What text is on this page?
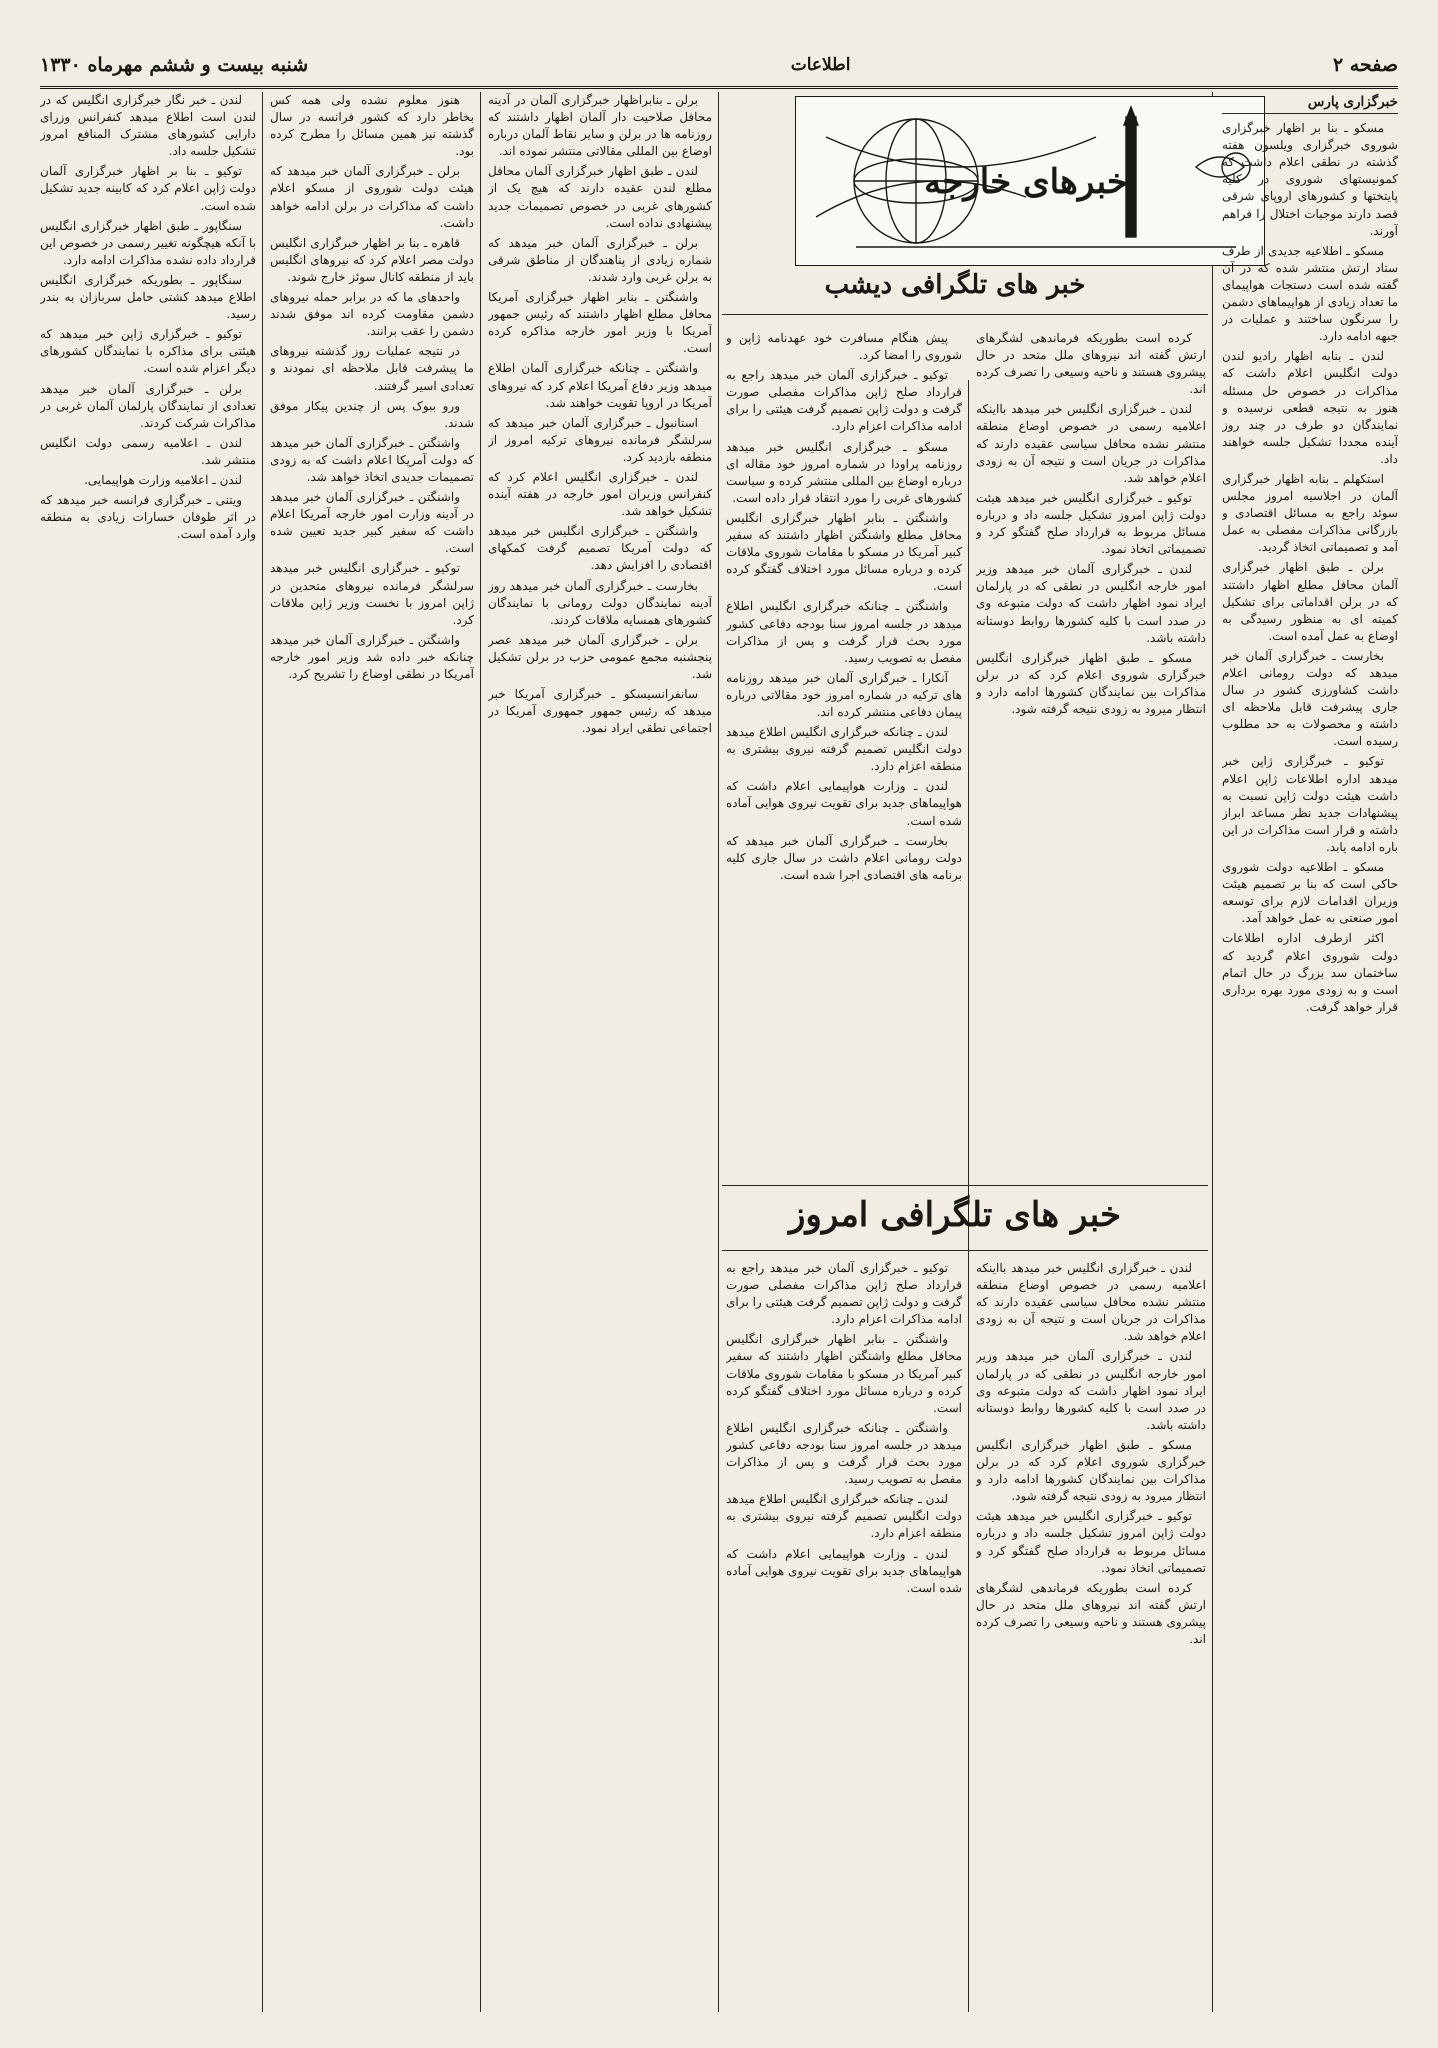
صفحه ۲
اطلاعات
شنبه بیست و ششم مهرماه ۱۳۳۰
خبرهای خارجه
خبر های تلگرافی دیشب
خبرگزاری پارس

مسکو ـ بنا بر اظهار خبرگزاری شوروی خبرگزاری ویلسون هفته گذشته در نطقی اعلام داشت که کمونیستهای شوروی در کلیه پایتختها و کشورهای اروپای شرقی قصد دارند موجبات اختلال را فراهم آورند.

مسکو ـ اطلاعیه جدیدی از طرف ستاد ارتش منتشر شده که در آن گفته شده است دستجات هواپیمای ما تعداد زیادی از هواپیماهای دشمن را سرنگون ساختند و عملیات در جبهه ادامه دارد.

لندن ـ بنابه اظهار رادیو لندن دولت انگلیس اعلام داشت که مذاکرات در خصوص حل مسئله هنوز به نتیجه قطعی نرسیده و نمایندگان دو طرف در چند روز آینده مجددا تشکیل جلسه خواهند داد.

استکهلم ـ بنابه اظهار خبرگزاری آلمان در اجلاسیه امروز مجلس سوئد راجع به مسائل اقتصادی و بازرگانی مذاکرات مفصلی به عمل آمد و تصمیماتی اتخاذ گردید.

برلن ـ طبق اظهار خبرگزاری آلمان محافل مطلع اظهار داشتند که در برلن اقداماتی برای تشکیل کمیته ای به منظور رسیدگی به اوضاع به عمل آمده است.

بخارست ـ خبرگزاری آلمان خبر میدهد که دولت رومانی اعلام داشت کشاورزی کشور در سال جاری پیشرفت قابل ملاحظه ای داشته و محصولات به حد مطلوب رسیده است.

توکیو ـ خبرگزاری ژاپن خبر میدهد اداره اطلاعات ژاپن اعلام داشت هیئت دولت ژاپن نسبت به پیشنهادات جدید نظر مساعد ابراز داشته و قرار است مذاکرات در این باره ادامه یابد.

مسکو ـ اطلاعیه دولت شوروی حاکی است که بنا بر تصمیم هیئت وزیران اقدامات لازم برای توسعه امور صنعتی به عمل خواهد آمد.

اکثر ازطرف اداره اطلاعات دولت شوروی اعلام گردید که ساختمان سد بزرگ در حال اتمام است و به زودی مورد بهره برداری قرار خواهد گرفت.

کرده است بطوریکه فرماندهی لشگرهای ارتش گفته اند نیروهای ملل متحد در حال پیشروی هستند و ناحیه وسیعی را تصرف کرده اند.

لندن ـ خبرگزاری انگلیس خبر میدهد بااینکه اعلامیه رسمی در خصوص اوضاع منطقه منتشر نشده محافل سیاسی عقیده دارند که مذاکرات در جریان است و نتیجه آن به زودی اعلام خواهد شد.

توکیو ـ خبرگزاری انگلیس خبر میدهد هیئت دولت ژاپن امروز تشکیل جلسه داد و درباره مسائل مربوط به قرارداد صلح گفتگو کرد و تصمیماتی اتخاذ نمود.

لندن ـ خبرگزاری آلمان خبر میدهد وزیر امور خارجه انگلیس در نطقی که در پارلمان ایراد نمود اظهار داشت که دولت متبوعه وی در صدد است با کلیه کشورها روابط دوستانه داشته باشد.

مسکو ـ طبق اظهار خبرگزاری انگلیس خبرگزاری شوروی اعلام کرد که در برلن مذاکرات بین نمایندگان کشورها ادامه دارد و انتظار میرود به زودی نتیجه گرفته شود.

پیش هنگام مسافرت خود عهدنامه ژاپن و شوروی را امضا کرد.

توکیو ـ خبرگزاری آلمان خبر میدهد راجع به قرارداد صلح ژاپن مذاکرات مفصلی صورت گرفت و دولت ژاپن تصمیم گرفت هیئتی را برای ادامه مذاکرات اعزام دارد.

مسکو ـ خبرگزاری انگلیس خبر میدهد روزنامه پراودا در شماره امروز خود مقاله ای درباره اوضاع بین المللی منتشر کرده و سیاست کشورهای غربی را مورد انتقاد قرار داده است.

واشنگتن ـ بنابر اظهار خبرگزاری انگلیس محافل مطلع واشنگتن اظهار داشتند که سفیر کبیر آمریکا در مسکو با مقامات شوروی ملاقات کرده و درباره مسائل مورد اختلاف گفتگو کرده است.

واشنگتن ـ چنانکه خبرگزاری انگلیس اطلاع میدهد در جلسه امروز سنا بودجه دفاعی کشور مورد بحث قرار گرفت و پس از مذاکرات مفصل به تصویب رسید.

آنکارا ـ خبرگزاری آلمان خبر میدهد روزنامه های ترکیه در شماره امروز خود مقالاتی درباره پیمان دفاعی منتشر کرده اند.

لندن ـ چنانکه خبرگزاری انگلیس اطلاع میدهد دولت انگلیس تصمیم گرفته نیروی بیشتری به منطقه اعزام دارد.

لندن ـ وزارت هواپیمایی اعلام داشت که هواپیماهای جدید برای تقویت نیروی هوایی آماده شده است.

بخارست ـ خبرگزاری آلمان خبر میدهد که دولت رومانی اعلام داشت در سال جاری کلیه برنامه های اقتصادی اجرا شده است.

خبر های تلگرافی امروز

لندن ـ خبرگزاری انگلیس خبر میدهد بااینکه اعلامیه رسمی در خصوص اوضاع منطقه منتشر نشده محافل سیاسی عقیده دارند که مذاکرات در جریان است و نتیجه آن به زودی اعلام خواهد شد.

لندن ـ خبرگزاری آلمان خبر میدهد وزیر امور خارجه انگلیس در نطقی که در پارلمان ایراد نمود اظهار داشت که دولت متبوعه وی در صدد است با کلیه کشورها روابط دوستانه داشته باشد.

مسکو ـ طبق اظهار خبرگزاری انگلیس خبرگزاری شوروی اعلام کرد که در برلن مذاکرات بین نمایندگان کشورها ادامه دارد و انتظار میرود به زودی نتیجه گرفته شود.

توکیو ـ خبرگزاری انگلیس خبر میدهد هیئت دولت ژاپن امروز تشکیل جلسه داد و درباره مسائل مربوط به قرارداد صلح گفتگو کرد و تصمیماتی اتخاذ نمود.

کرده است بطوریکه فرماندهی لشگرهای ارتش گفته اند نیروهای ملل متحد در حال پیشروی هستند و ناحیه وسیعی را تصرف کرده اند.

توکیو ـ خبرگزاری آلمان خبر میدهد راجع به قرارداد صلح ژاپن مذاکرات مفصلی صورت گرفت و دولت ژاپن تصمیم گرفت هیئتی را برای ادامه مذاکرات اعزام دارد.

واشنگتن ـ بنابر اظهار خبرگزاری انگلیس محافل مطلع واشنگتن اظهار داشتند که سفیر کبیر آمریکا در مسکو با مقامات شوروی ملاقات کرده و درباره مسائل مورد اختلاف گفتگو کرده است.

واشنگتن ـ چنانکه خبرگزاری انگلیس اطلاع میدهد در جلسه امروز سنا بودجه دفاعی کشور مورد بحث قرار گرفت و پس از مذاکرات مفصل به تصویب رسید.

لندن ـ چنانکه خبرگزاری انگلیس اطلاع میدهد دولت انگلیس تصمیم گرفته نیروی بیشتری به منطقه اعزام دارد.

لندن ـ وزارت هواپیمایی اعلام داشت که هواپیماهای جدید برای تقویت نیروی هوایی آماده شده است.

برلن ـ بنابراظهار خبرگزاری آلمان در آدینه محافل صلاحیت دار آلمان اظهار داشتند که روزنامه ها در برلن و سایر نقاط آلمان درباره اوضاع بین المللی مقالاتی منتشر نموده اند.

لندن ـ طبق اظهار خبرگزاری آلمان محافل مطلع لندن عقیده دارند که هیچ یک از کشورهای غربی در خصوص تصمیمات جدید پیشنهادی نداده است.

برلن ـ خبرگزاری آلمان خبر میدهد که شماره زیادی از پناهندگان از مناطق شرقی به برلن غربی وارد شدند.

واشنگتن ـ بنابر اظهار خبرگزاری آمریکا محافل مطلع اظهار داشتند که رئیس جمهور آمریکا با وزیر امور خارجه مذاکره کرده است.

واشنگتن ـ چنانکه خبرگزاری آلمان اطلاع میدهد وزیر دفاع آمریکا اعلام کرد که نیروهای آمریکا در اروپا تقویت خواهند شد.

استانبول ـ خبرگزاری آلمان خبر میدهد که سرلشگر فرمانده نیروهای ترکیه امروز از منطقه بازدید کرد.

لندن ـ خبرگزاری انگلیس اعلام کرد که کنفرانس وزیران امور خارجه در هفته آینده تشکیل خواهد شد.

واشنگتن ـ خبرگزاری انگلیس خبر میدهد که دولت آمریکا تصمیم گرفت کمکهای اقتصادی را افزایش دهد.

بخارست ـ خبرگزاری آلمان خبر میدهد روز آدینه نمایندگان دولت رومانی با نمایندگان کشورهای همسایه ملاقات کردند.

برلن ـ خبرگزاری آلمان خبر میدهد عصر پنجشنبه مجمع عمومی حزب در برلن تشکیل شد.

سانفرانسیسکو ـ خبرگزاری آمریکا خبر میدهد که رئیس جمهور جمهوری آمریکا در اجتماعی نطقی ایراد نمود.

هنوز معلوم نشده ولی همه کس بخاطر دارد که کشور فرانسه در سال گذشته نیز همین مسائل را مطرح کرده بود.

برلن ـ خبرگزاری آلمان خبر میدهد که هیئت دولت شوروی از مسکو اعلام داشت که مذاکرات در برلن ادامه خواهد داشت.

قاهره ـ بنا بر اظهار خبرگزاری انگلیس دولت مصر اعلام کرد که نیروهای انگلیس باید از منطقه کانال سوئز خارج شوند.

واحدهای ما که در برابر حمله نیروهای دشمن مقاومت کرده اند موفق شدند دشمن را عقب برانند.

در نتیجه عملیات روز گذشته نیروهای ما پیشرفت قابل ملاحظه ای نمودند و تعدادی اسیر گرفتند.

ورو ببوک پس از چندین پیکار موفق شدند.

واشنگتن ـ خبرگزاری آلمان خبر میدهد که دولت آمریکا اعلام داشت که به زودی تصمیمات جدیدی اتخاذ خواهد شد.

واشنگتن ـ خبرگزاری آلمان خبر میدهد در آدینه وزارت امور خارجه آمریکا اعلام داشت که سفیر کبیر جدید تعیین شده است.

توکیو ـ خبرگزاری انگلیس خبر میدهد سرلشگر فرمانده نیروهای متحدین در ژاپن امروز با نخست وزیر ژاپن ملاقات کرد.

واشنگتن ـ خبرگزاری آلمان خبر میدهد چنانکه خبر داده شد وزیر امور خارجه آمریکا در نطقی اوضاع را تشریح کرد.

لندن ـ خبر نگار خبرگزاری انگلیس که در لندن است اطلاع میدهد کنفرانس وزرای دارایی کشورهای مشترک المنافع امروز تشکیل جلسه داد.

توکیو ـ بنا بر اظهار خبرگزاری آلمان دولت ژاپن اعلام کرد که کابینه جدید تشکیل شده است.

سنگاپور ـ طبق اظهار خبرگزاری انگلیس با آنکه هیچگونه تغییر رسمی در خصوص این قرارداد داده نشده مذاکرات ادامه دارد.

سنگاپور ـ بطوریکه خبرگزاری انگلیس اطلاع میدهد کشتی حامل سربازان به بندر رسید.

توکیو ـ خبرگزاری ژاپن خبر میدهد که هیئتی برای مذاکره با نمایندگان کشورهای دیگر اعزام شده است.

برلن ـ خبرگزاری آلمان خبر میدهد تعدادی از نمایندگان پارلمان آلمان غربی در مذاکرات شرکت کردند.

لندن ـ اعلامیه رسمی دولت انگلیس منتشر شد.

لندن ـ اعلامیه وزارت هواپیمایی.

ویتنی ـ خبرگزاری فرانسه خبر میدهد که در اثر طوفان خسارات زیادی به منطقه وارد آمده است.
